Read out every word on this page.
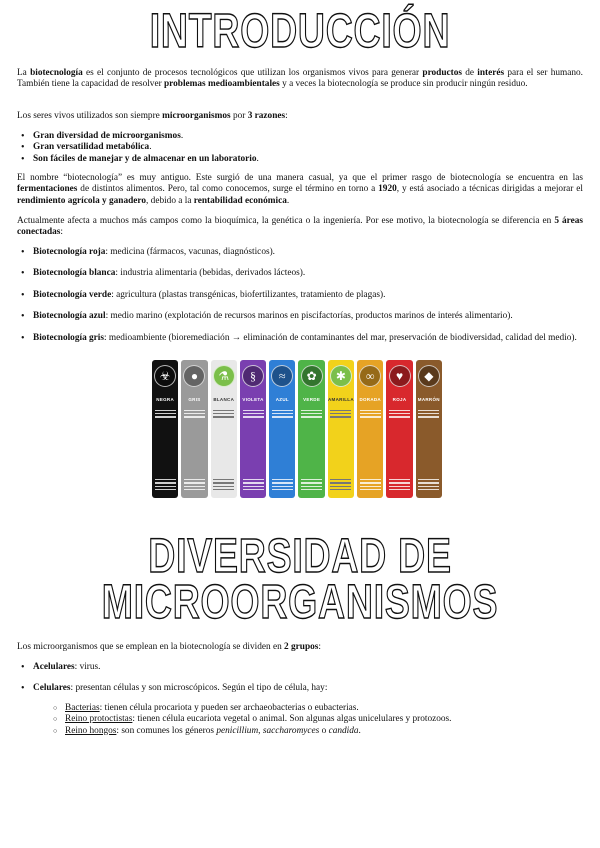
INTRODUCCIÓN

La biotecnología es el conjunto de procesos tecnológicos que utilizan los organismos vivos para generar productos de interés para el ser humano. También tiene la capacidad de resolver problemas medioambientales y a veces la biotecnología se produce sin producir ningún residuo.

Los seres vivos utilizados son siempre microorganismos por 3 razones:

• Gran diversidad de microorganismos.
• Gran versatilidad metabólica.
• Son fáciles de manejar y de almacenar en un laboratorio.

El nombre “biotecnología” es muy antiguo. Este surgió de una manera casual, ya que el primer rasgo de biotecnología se encuentra en las fermentaciones de distintos alimentos. Pero, tal como conocemos, surge el término en torno a 1920, y está asociado a técnicas dirigidas a mejorar el rendimiento agrícola y ganadero, debido a la rentabilidad económica.

Actualmente afecta a muchos más campos como la bioquímica, la genética o la ingeniería. Por ese motivo, la biotecnología se diferencia en 5 áreas conectadas:

• Biotecnología roja: medicina (fármacos, vacunas, diagnósticos).
• Biotecnología blanca: industria alimentaria (bebidas, derivados lácteos).
• Biotecnología verde: agricultura (plastas transgénicas, biofertilizantes, tratamiento de plagas).
• Biotecnología azul: medio marino (explotación de recursos marinos en piscifactorías, productos marinos de interés alimentario).
• Biotecnología gris: medioambiente (bioremediación → eliminación de contaminantes del mar, preservación de biodiversidad, calidad del medio).
☣
NEGRA
●
GRIS
⚗
BLANCA
§
VIOLETA
≈
AZUL
✿
VERDE
✱
AMARILLA
∞
DORADA
♥
ROJA
◆
MARRÓN
DIVERSIDAD DE
MICROORGANISMOS

Los microorganismos que se emplean en la biotecnología se dividen en 2 grupos:

• Acelulares: virus.
• Celulares: presentan células y son microscópicos. Según el tipo de célula, hay:
○ Bacterias: tienen célula procariota y pueden ser archaeobacterias o eubacterias.
○ Reino protoctistas: tienen célula eucariota vegetal o animal. Son algunas algas unicelulares y protozoos.
○ Reino hongos: son comunes los géneros penicillium, saccharomyces o candida.
